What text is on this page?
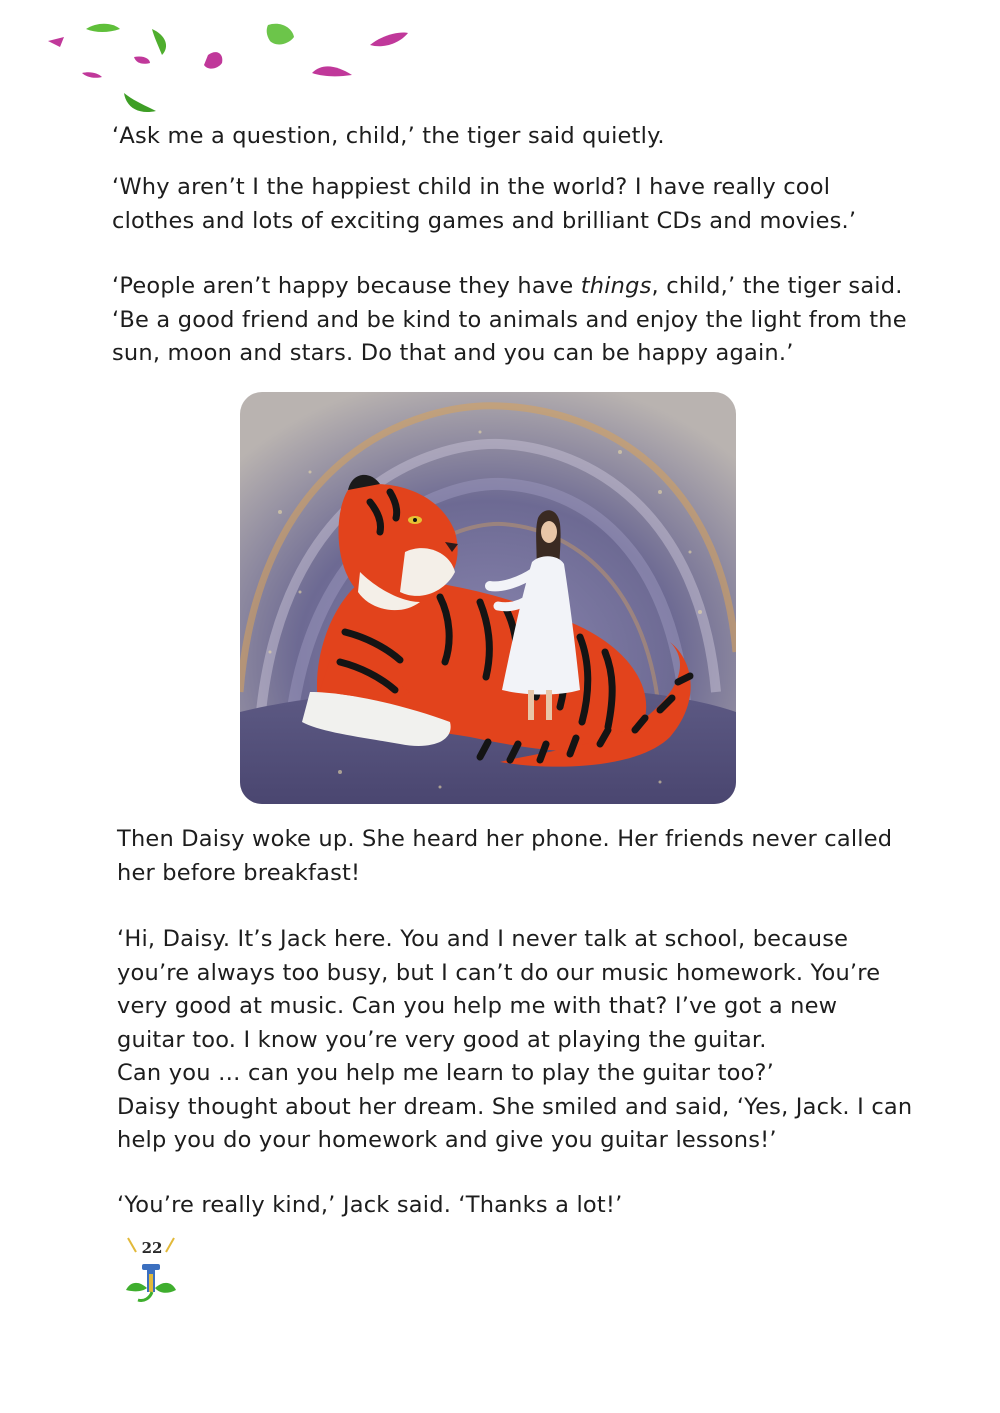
‘Ask me a question, child,’ the tiger said quietly.

‘Why aren’t I the happiest child in the world? I have really cool
clothes and lots of exciting games and brilliant CDs and movies.’

‘People aren’t happy because they have things, child,’ the tiger said.
‘Be a good friend and be kind to animals and enjoy the light from the
sun, moon and stars. Do that and you can be happy again.’

Then Daisy woke up. She heard her phone. Her friends never called
her before breakfast!

‘Hi, Daisy. It’s Jack here. You and I never talk at school, because
you’re always too busy, but I can’t do our music homework. You’re
very good at music. Can you help me with that? I’ve got a new
guitar too. I know you’re very good at playing the guitar.
Can you … can you help me learn to play the guitar too?’
Daisy thought about her dream. She smiled and said, ‘Yes, Jack. I can
help you do your homework and give you guitar lessons!’

‘You’re really kind,’ Jack said. ‘Thanks a lot!’

22
